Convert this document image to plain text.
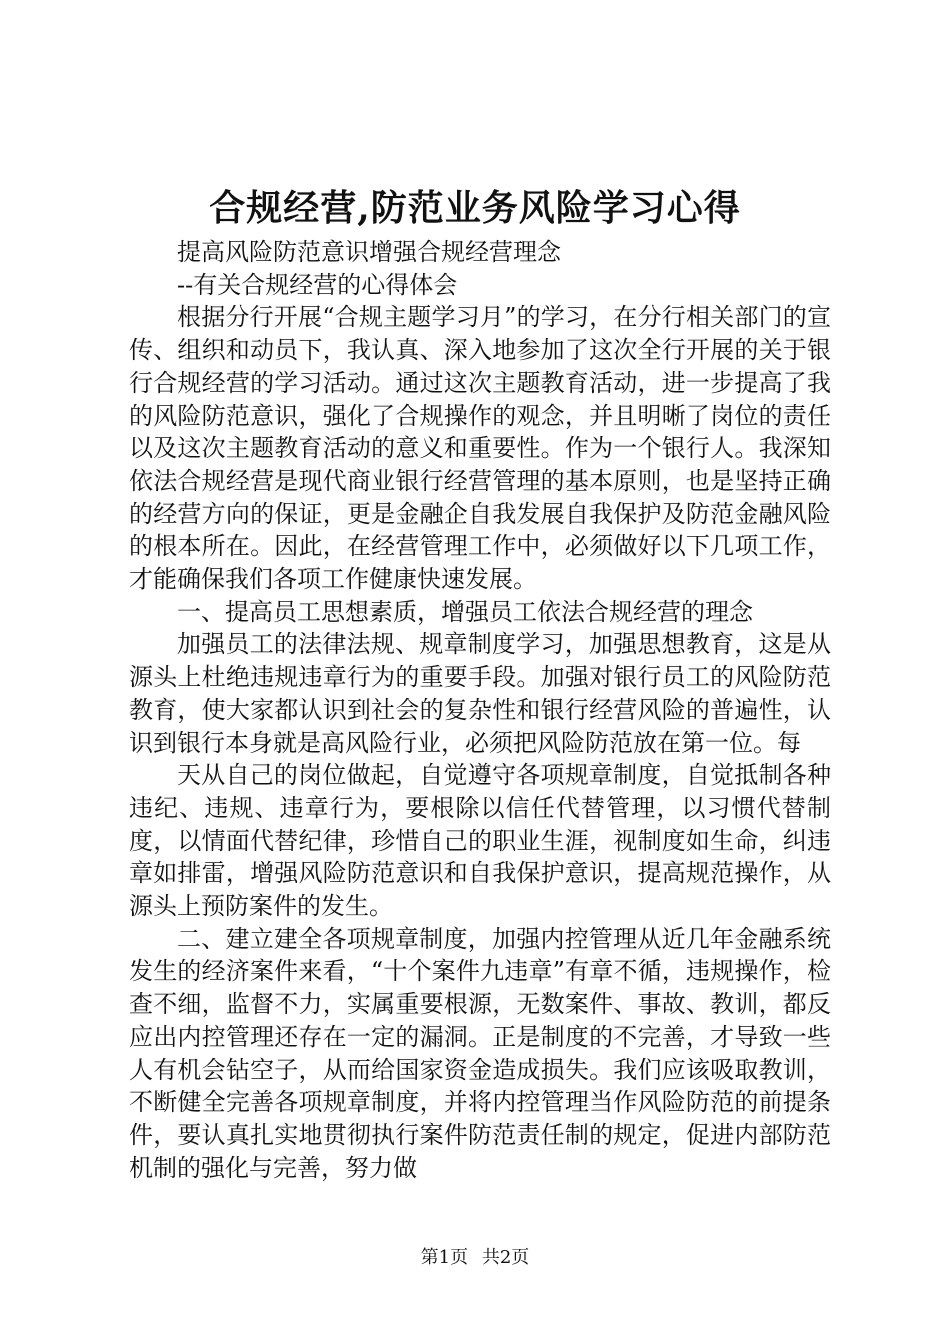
合规经营,防范业务风险学习心得

提高风险防范意识增强合规经营理念

--有关合规经营的心得体会

根据分行开展“合规主题学习月”的学习，在分行相关部门的宣传、组织和动员下，我认真、深入地参加了这次全行开展的关于银行合规经营的学习活动。通过这次主题教育活动，进一步提高了我的风险防范意识，强化了合规操作的观念，并且明晰了岗位的责任以及这次主题教育活动的意义和重要性。作为一个银行人。我深知依法合规经营是现代商业银行经营管理的基本原则，也是坚持正确的经营方向的保证，更是金融企自我发展自我保护及防范金融风险的根本所在。因此，在经营管理工作中，必须做好以下几项工作，才能确保我们各项工作健康快速发展。

一、提高员工思想素质，增强员工依法合规经营的理念

加强员工的法律法规、规章制度学习，加强思想教育，这是从源头上杜绝违规违章行为的重要手段。加强对银行员工的风险防范教育，使大家都认识到社会的复杂性和银行经营风险的普遍性，认识到银行本身就是高风险行业，必须把风险防范放在第一位。每

天从自己的岗位做起，自觉遵守各项规章制度，自觉抵制各种违纪、违规、违章行为，要根除以信任代替管理，以习惯代替制度，以情面代替纪律，珍惜自己的职业生涯，视制度如生命，纠违章如排雷，增强风险防范意识和自我保护意识，提高规范操作，从源头上预防案件的发生。

二、建立建全各项规章制度，加强内控管理从近几年金融系统发生的经济案件来看，“十个案件九违章”有章不循，违规操作，检查不细，监督不力，实属重要根源，无数案件、事故、教训，都反应出内控管理还存在一定的漏洞。正是制度的不完善，才导致一些人有机会钻空子，从而给国家资金造成损失。我们应该吸取教训，不断健全完善各项规章制度，并将内控管理当作风险防范的前提条件，要认真扎实地贯彻执行案件防范责任制的规定，促进内部防范机制的强化与完善，努力做

第1页 共2页
